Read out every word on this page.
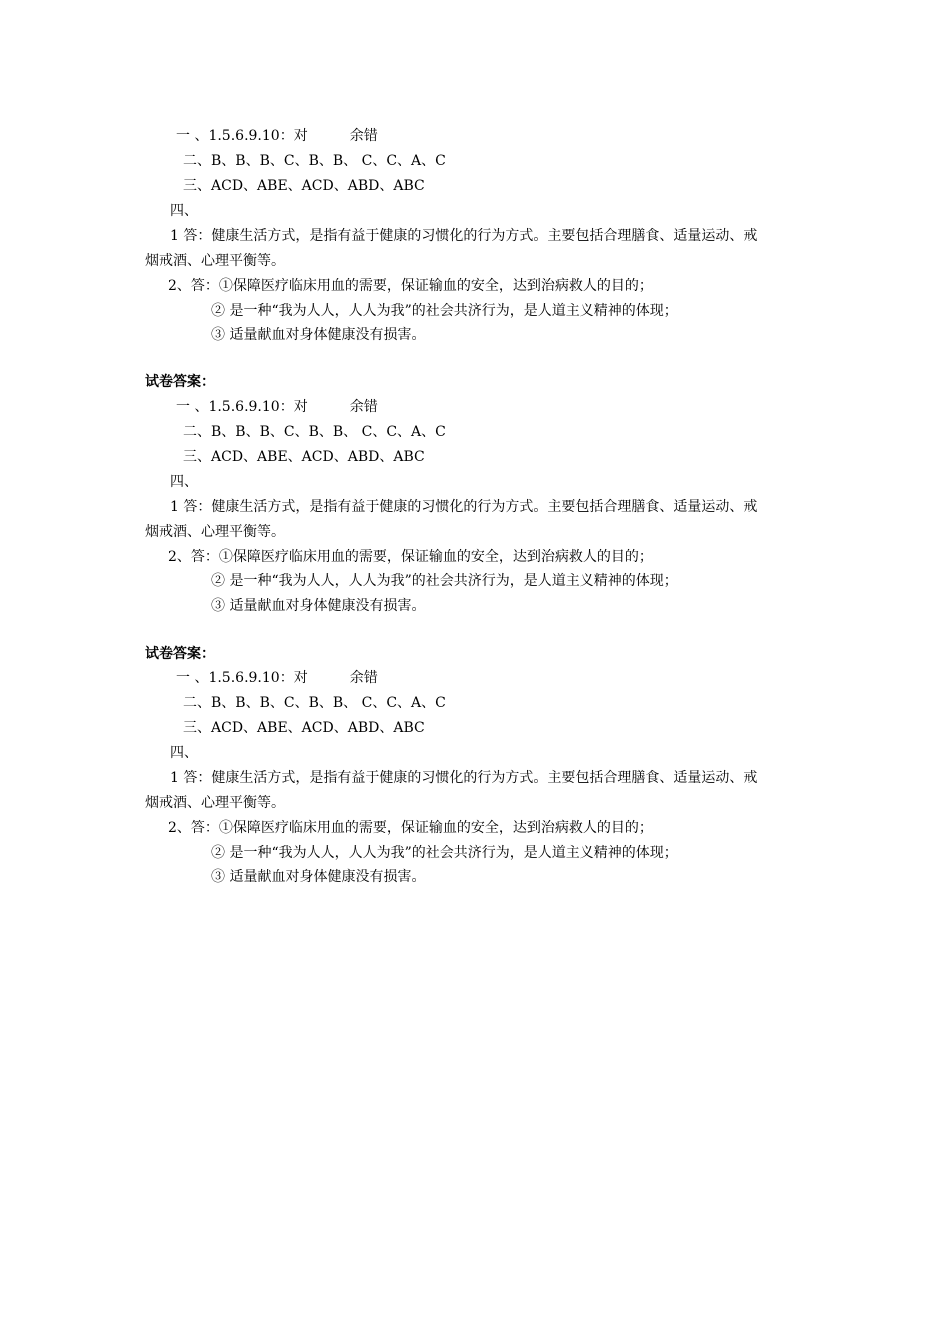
一 、1.5.6.9.10：对	余错
二、B、B、B、C、B、B、 C、C、A、C
三、ACD、ABE、ACD、ABD、ABC
四、
1 答：健康生活方式，是指有益于健康的习惯化的行为方式。主要包括合理膳食、适量运动、戒
烟戒酒、心理平衡等。
2、答：①保障医疗临床用血的需要，保证输血的安全，达到治病救人的目的；
② 是一种“我为人人，人人为我”的社会共济行为，是人道主义精神的体现；
③ 适量献血对身体健康没有损害。
试卷答案：
一 、1.5.6.9.10：对	余错
二、B、B、B、C、B、B、 C、C、A、C
三、ACD、ABE、ACD、ABD、ABC
四、
1 答：健康生活方式，是指有益于健康的习惯化的行为方式。主要包括合理膳食、适量运动、戒
烟戒酒、心理平衡等。
2、答：①保障医疗临床用血的需要，保证输血的安全，达到治病救人的目的；
② 是一种“我为人人，人人为我”的社会共济行为，是人道主义精神的体现；
③ 适量献血对身体健康没有损害。
试卷答案：
一 、1.5.6.9.10：对	余错
二、B、B、B、C、B、B、 C、C、A、C
三、ACD、ABE、ACD、ABD、ABC
四、
1 答：健康生活方式，是指有益于健康的习惯化的行为方式。主要包括合理膳食、适量运动、戒
烟戒酒、心理平衡等。
2、答：①保障医疗临床用血的需要，保证输血的安全，达到治病救人的目的；
② 是一种“我为人人，人人为我”的社会共济行为，是人道主义精神的体现；
③ 适量献血对身体健康没有损害。
